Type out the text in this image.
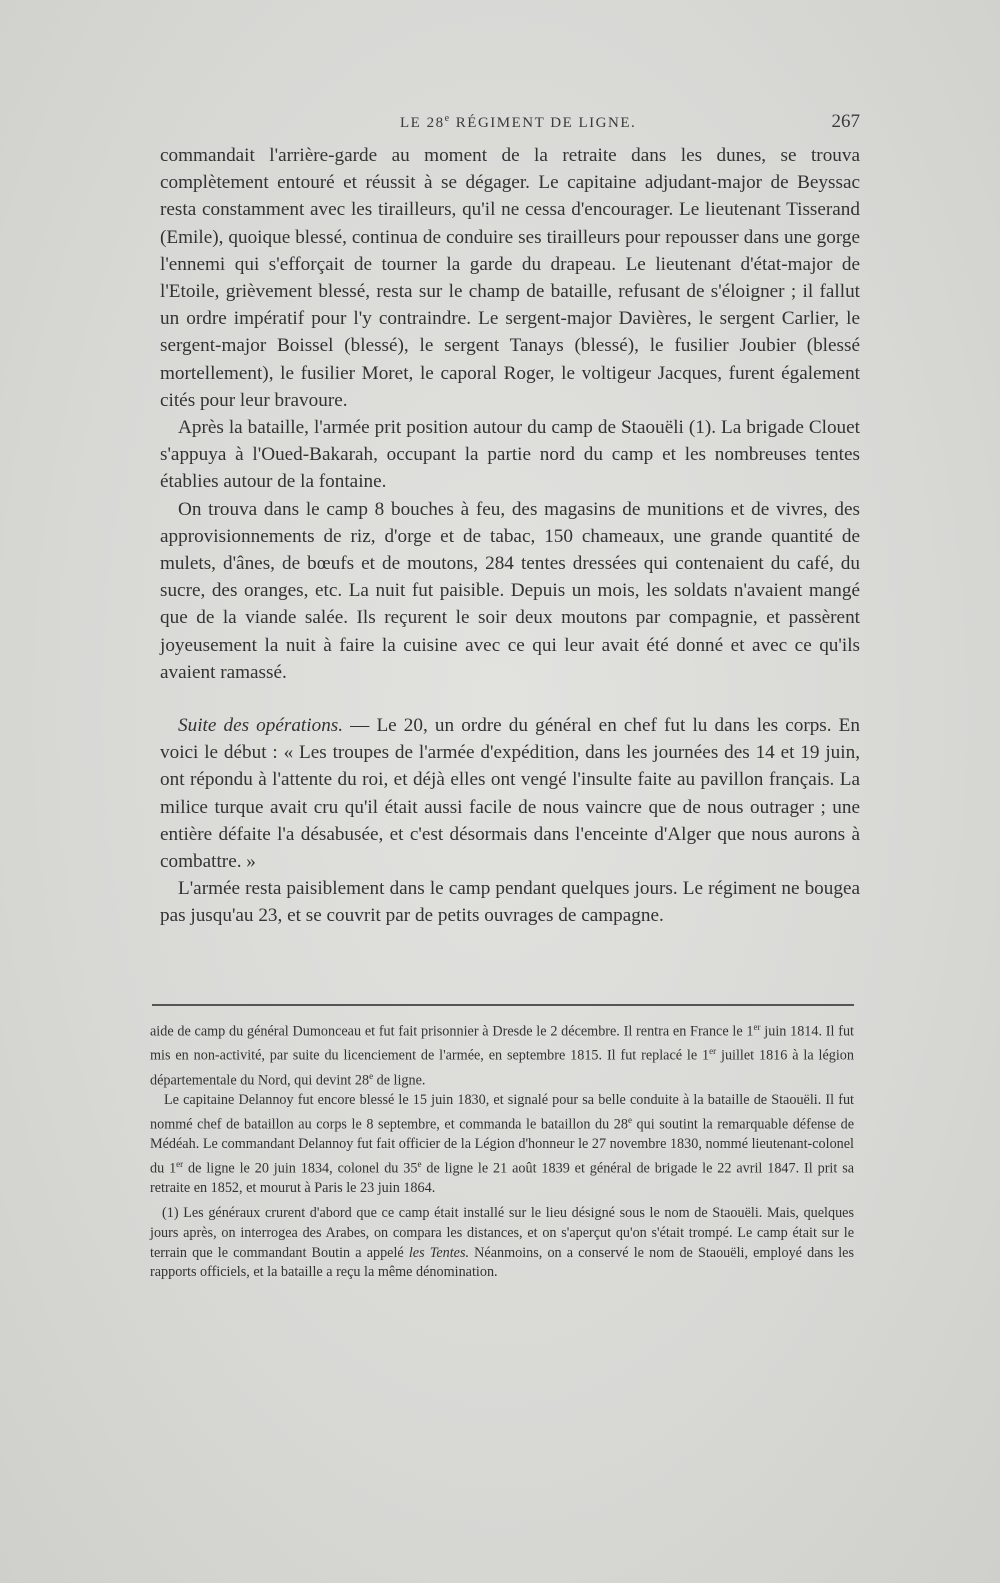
LE 28e RÉGIMENT DE LIGNE.	267

commandait l'arrière-garde au moment de la retraite dans les dunes, se trouva complètement entouré et réussit à se dégager. Le capitaine adjudant-major de Beyssac resta constamment avec les tirailleurs, qu'il ne cessa d'encourager. Le lieutenant Tisserand (Emile), quoique blessé, continua de conduire ses tirailleurs pour repousser dans une gorge l'ennemi qui s'efforçait de tourner la garde du drapeau. Le lieutenant d'état-major de l'Etoile, grièvement blessé, resta sur le champ de bataille, refusant de s'éloigner ; il fallut un ordre impératif pour l'y contraindre. Le sergent-major Davières, le sergent Carlier, le sergent-major Boissel (blessé), le sergent Tanays (blessé), le fusilier Joubier (blessé mortellement), le fusilier Moret, le caporal Roger, le voltigeur Jacques, furent également cités pour leur bravoure.

Après la bataille, l'armée prit position autour du camp de Staouëli (1). La brigade Clouet s'appuya à l'Oued-Bakarah, occupant la partie nord du camp et les nombreuses tentes établies autour de la fontaine.

On trouva dans le camp 8 bouches à feu, des magasins de munitions et de vivres, des approvisionnements de riz, d'orge et de tabac, 150 chameaux, une grande quantité de mulets, d'ânes, de bœufs et de moutons, 284 tentes dressées qui contenaient du café, du sucre, des oranges, etc. La nuit fut paisible. Depuis un mois, les soldats n'avaient mangé que de la viande salée. Ils reçurent le soir deux moutons par compagnie, et passèrent joyeusement la nuit à faire la cuisine avec ce qui leur avait été donné et avec ce qu'ils avaient ramassé.

Suite des opérations. — Le 20, un ordre du général en chef fut lu dans les corps. En voici le début : « Les troupes de l'armée d'expédition, dans les journées des 14 et 19 juin, ont répondu à l'attente du roi, et déjà elles ont vengé l'insulte faite au pavillon français. La milice turque avait cru qu'il était aussi facile de nous vaincre que de nous outrager ; une entière défaite l'a désabusée, et c'est désormais dans l'enceinte d'Alger que nous aurons à combattre. »

L'armée resta paisiblement dans le camp pendant quelques jours. Le régiment ne bougea pas jusqu'au 23, et se couvrit par de petits ouvrages de campagne.

aide de camp du général Dumonceau et fut fait prisonnier à Dresde le 2 décembre. Il rentra en France le 1er juin 1814. Il fut mis en non-activité, par suite du licenciement de l'armée, en septembre 1815. Il fut replacé le 1er juillet 1816 à la légion départementale du Nord, qui devint 28e de ligne.

Le capitaine Delannoy fut encore blessé le 15 juin 1830, et signalé pour sa belle conduite à la bataille de Staouëli. Il fut nommé chef de bataillon au corps le 8 septembre, et commanda le bataillon du 28e qui soutint la remarquable défense de Médéah. Le commandant Delannoy fut fait officier de la Légion d'honneur le 27 novembre 1830, nommé lieutenant-colonel du 1er de ligne le 20 juin 1834, colonel du 35e de ligne le 21 août 1839 et général de brigade le 22 avril 1847. Il prit sa retraite en 1852, et mourut à Paris le 23 juin 1864.

(1) Les généraux crurent d'abord que ce camp était installé sur le lieu désigné sous le nom de Staouëli. Mais, quelques jours après, on interrogea des Arabes, on compara les distances, et on s'aperçut qu'on s'était trompé. Le camp était sur le terrain que le commandant Boutin a appelé les Tentes. Néanmoins, on a conservé le nom de Staouëli, employé dans les rapports officiels, et la bataille a reçu la même dénomination.
